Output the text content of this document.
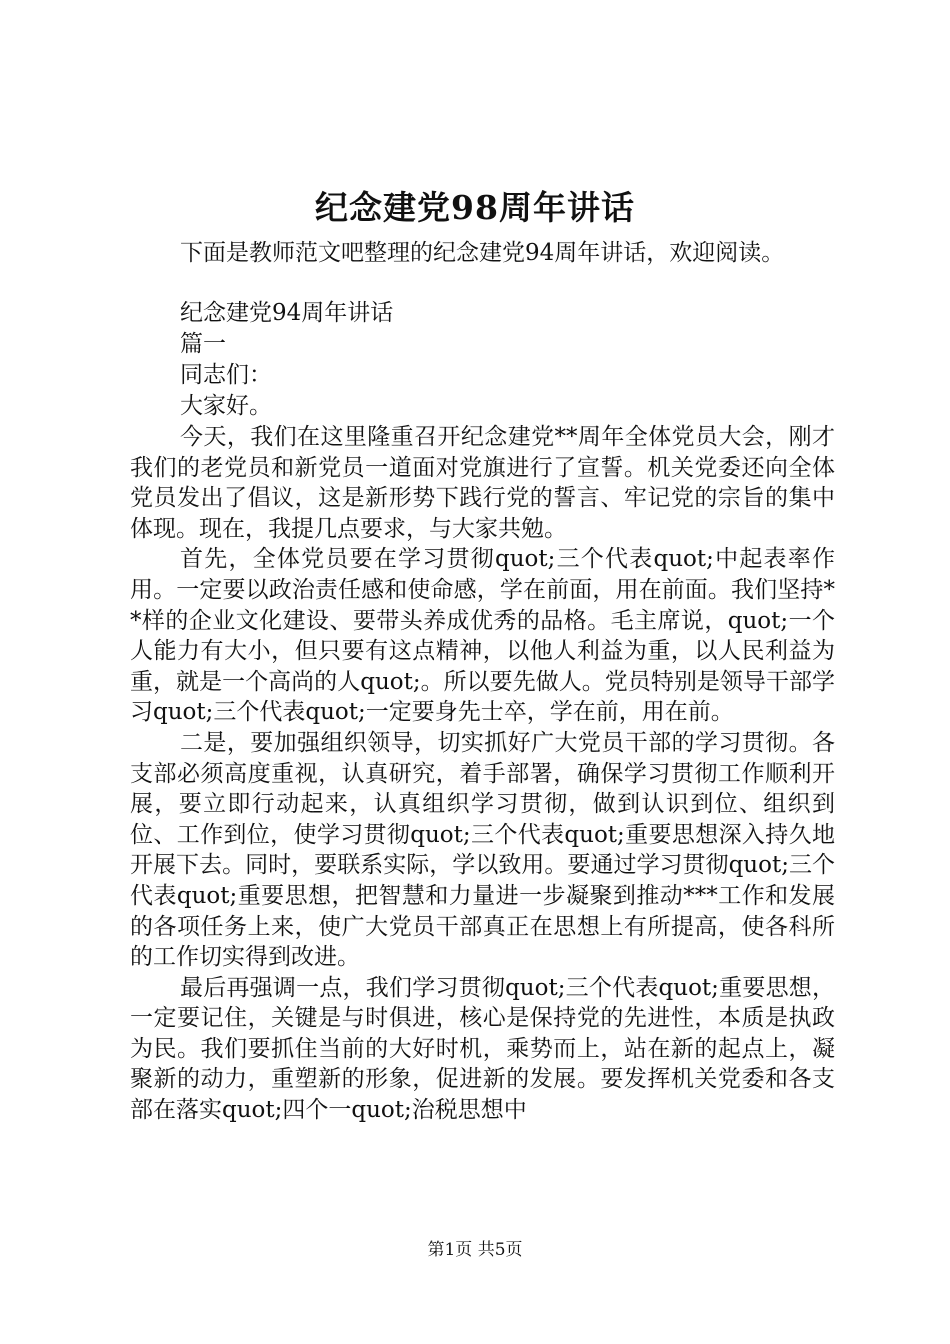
纪念建党98周年讲话

下面是教师范文吧整理的纪念建党94周年讲话，欢迎阅读。

纪念建党94周年讲话

篇一

同志们：

大家好。

今天，我们在这里隆重召开纪念建党**周年全体党员大会，刚才我们的老党员和新党员一道面对党旗进行了宣誓。机关党委还向全体党员发出了倡议，这是新形势下践行党的誓言、牢记党的宗旨的集中体现。现在，我提几点要求，与大家共勉。

首先，全体党员要在学习贯彻quot;三个代表quot;中起表率作用。一定要以政治责任感和使命感，学在前面，用在前面。我们坚持**样的企业文化建设、要带头养成优秀的品格。毛主席说，quot;一个人能力有大小，但只要有这点精神，以他人利益为重，以人民利益为重，就是一个高尚的人quot;。所以要先做人。党员特别是领导干部学习quot;三个代表quot;一定要身先士卒，学在前，用在前。

二是，要加强组织领导，切实抓好广大党员干部的学习贯彻。各支部必须高度重视，认真研究，着手部署，确保学习贯彻工作顺利开展，要立即行动起来，认真组织学习贯彻，做到认识到位、组织到位、工作到位，使学习贯彻quot;三个代表quot;重要思想深入持久地开展下去。同时，要联系实际，学以致用。要通过学习贯彻quot;三个代表quot;重要思想，把智慧和力量进一步凝聚到推动***工作和发展的各项任务上来，使广大党员干部真正在思想上有所提高，使各科所的工作切实得到改进。

最后再强调一点，我们学习贯彻quot;三个代表quot;重要思想，一定要记住，关键是与时俱进，核心是保持党的先进性，本质是执政为民。我们要抓住当前的大好时机，乘势而上，站在新的起点上，凝聚新的动力，重塑新的形象，促进新的发展。要发挥机关党委和各支部在落实quot;四个一quot;治税思想中

第1页 共5页
